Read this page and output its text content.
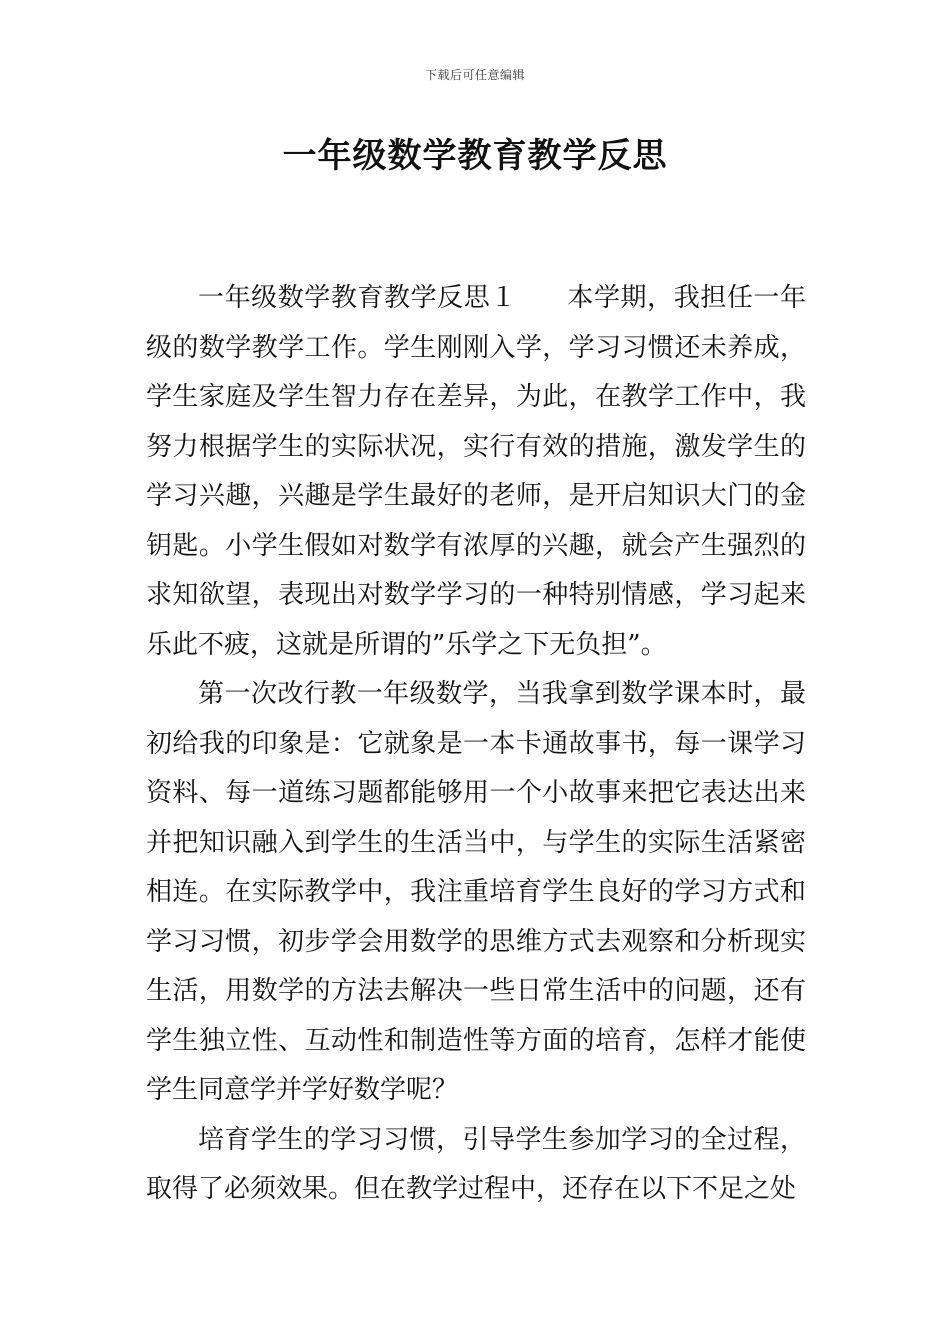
下载后可任意编辑
一年级数学教育教学反思

一年级数学教育教学反思１ 本学期，我担任一年级的数学教学工作。学生刚刚入学，学习习惯还未养成，学生家庭及学生智力存在差异，为此，在教学工作中，我努力根据学生的实际状况，实行有效的措施，激发学生的学习兴趣，兴趣是学生最好的老师，是开启知识大门的金钥匙。小学生假如对数学有浓厚的兴趣，就会产生强烈的求知欲望，表现出对数学学习的一种特别情感，学习起来乐此不疲，这就是所谓的”乐学之下无负担”。

第一次改行教一年级数学，当我拿到数学课本时，最初给我的印象是：它就象是一本卡通故事书，每一课学习资料、每一道练习题都能够用一个小故事来把它表达出来并把知识融入到学生的生活当中，与学生的实际生活紧密相连。在实际教学中，我注重培育学生良好的学习方式和学习习惯，初步学会用数学的思维方式去观察和分析现实生活，用数学的方法去解决一些日常生活中的问题，还有学生独立性、互动性和制造性等方面的培育，怎样才能使学生同意学并学好数学呢？

培育学生的学习习惯，引导学生参加学习的全过程，取得了必须效果。但在教学过程中，还存在以下不足之处
